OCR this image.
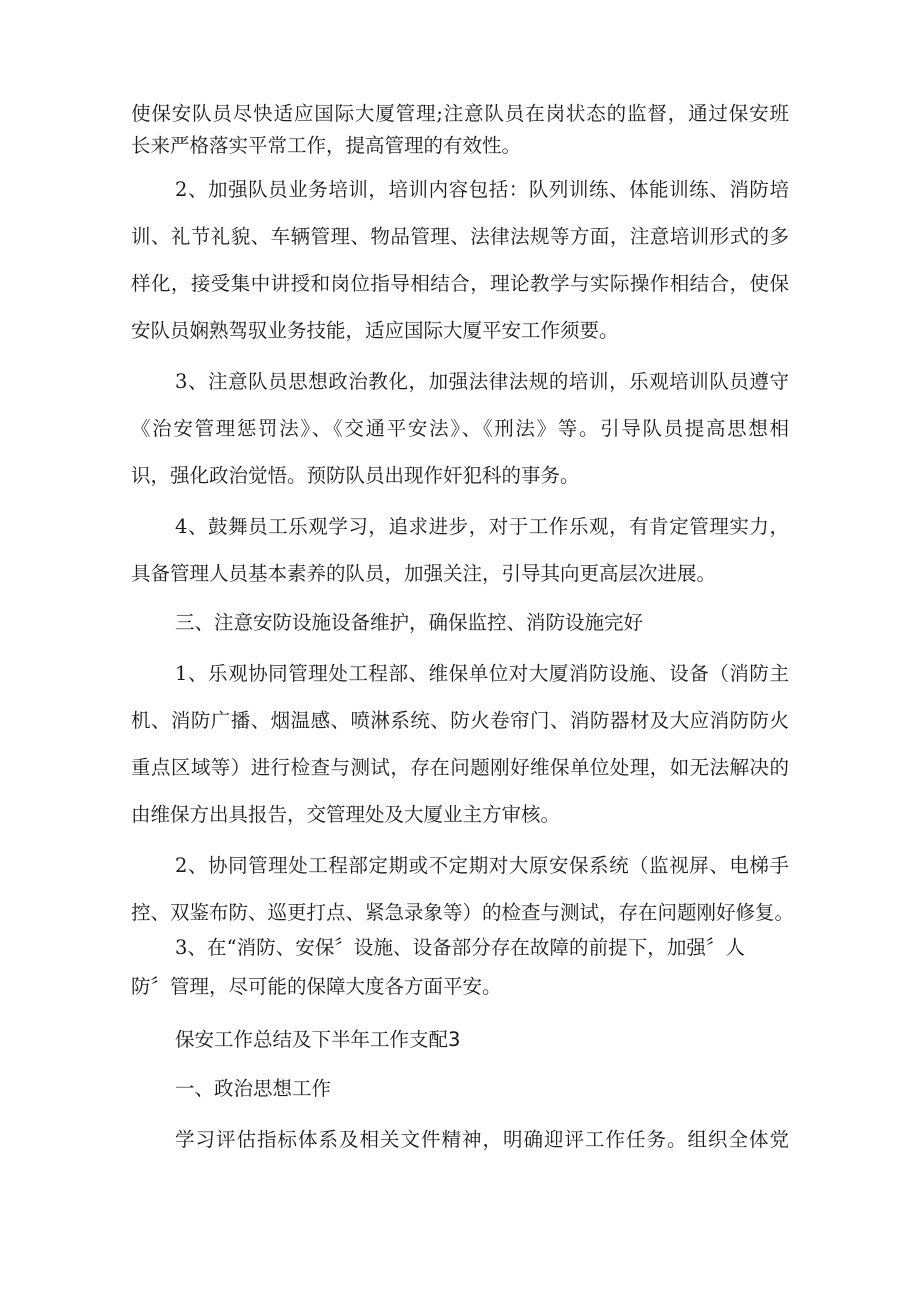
使保安队员尽快适应国际大厦管理;注意队员在岗状态的监督，通过保安班
长来严格落实平常工作，提高管理的有效性。
2、加强队员业务培训，培训内容包括：队列训练、体能训练、消防培
训、礼节礼貌、车辆管理、物品管理、法律法规等方面，注意培训形式的多
样化，接受集中讲授和岗位指导相结合，理论教学与实际操作相结合，使保
安队员娴熟驾驭业务技能，适应国际大厦平安工作须要。
3、注意队员思想政治教化，加强法律法规的培训，乐观培训队员遵守
《治安管理惩罚法》、《交通平安法》、《刑法》等。引导队员提高思想相
识，强化政治觉悟。预防队员出现作奸犯科的事务。
4、鼓舞员工乐观学习，追求进步，对于工作乐观，有肯定管理实力，
具备管理人员基本素养的队员，加强关注，引导其向更高层次进展。
三、注意安防设施设备维护，确保监控、消防设施完好
1、乐观协同管理处工程部、维保单位对大厦消防设施、设备（消防主
机、消防广播、烟温感、喷淋系统、防火卷帘门、消防器材及大应消防防火
重点区域等）进行检查与测试，存在问题刚好维保单位处理，如无法解决的
由维保方出具报告，交管理处及大厦业主方审核。
2、协同管理处工程部定期或不定期对大原安保系统（监视屏、电梯手
控、双鉴布防、巡更打点、紧急录象等）的检查与测试，存在问题刚好修复。
3、在“消防、安保〞设施、设备部分存在故障的前提下，加强〞人
防〞管理，尽可能的保障大度各方面平安。
保安工作总结及下半年工作支配3
一、政治思想工作
学习评估指标体系及相关文件精神，明确迎评工作任务。组织全体党
